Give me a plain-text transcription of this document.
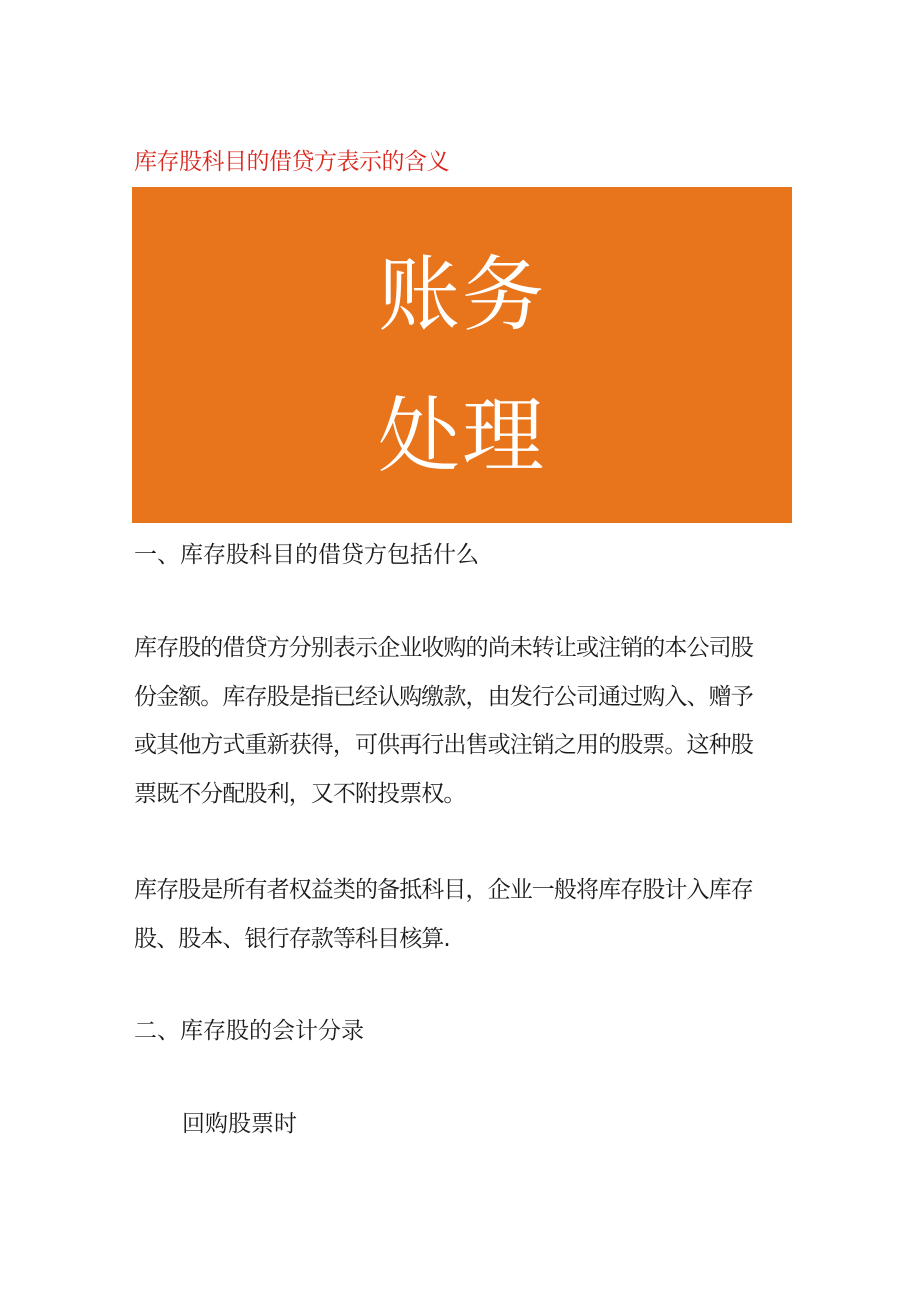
库存股科目的借贷方表示的含义
账务
处理
一、库存股科目的借贷方包括什么
库存股的借贷方分别表示企业收购的尚未转让或注销的本公司股
份金额。库存股是指已经认购缴款，由发行公司通过购入、赠予
或其他方式重新获得，可供再行出售或注销之用的股票。这种股
票既不分配股利，又不附投票权。
库存股是所有者权益类的备抵科目，企业一般将库存股计入库存
股、股本、银行存款等科目核算.
二、库存股的会计分录
回购股票时
